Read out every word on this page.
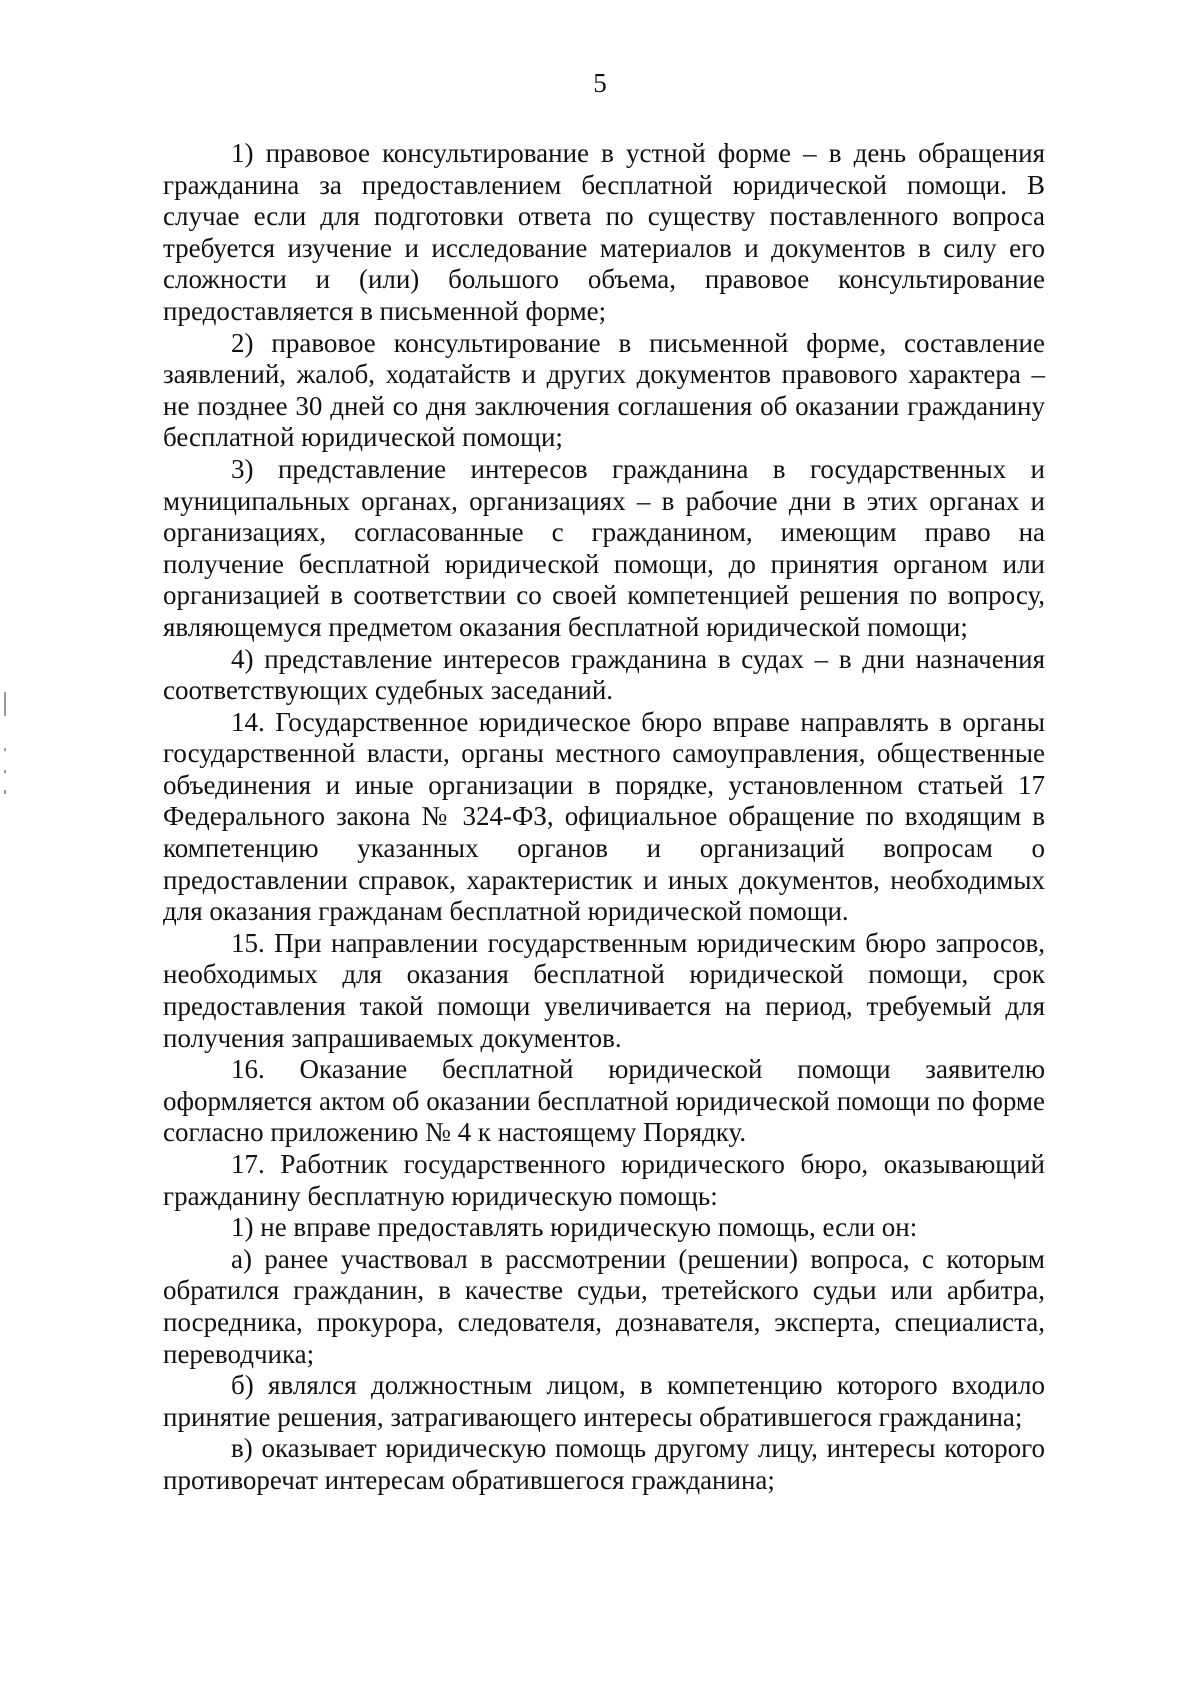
5

1) правовое консультирование в устной форме – в день обращения гражданина за предоставлением бесплатной юридической помощи. В случае если для подготовки ответа по существу поставленного вопроса требуется изучение и исследование материалов и документов в силу его сложности и (или) большого объема, правовое консультирование предоставляется в письменной форме;

2) правовое консультирование в письменной форме, составление заявлений, жалоб, ходатайств и других документов правового характера – не позднее 30 дней со дня заключения соглашения об оказании гражданину бесплатной юридической помощи;

3) представление интересов гражданина в государственных и муниципальных органах, организациях – в рабочие дни в этих органах и организациях, согласованные с гражданином, имеющим право на получение бесплатной юридической помощи, до принятия органом или организацией в соответствии со своей компетенцией решения по вопросу, являющемуся предметом оказания бесплатной юридической помощи;

4) представление интересов гражданина в судах – в дни назначения соответствующих судебных заседаний.

14. Государственное юридическое бюро вправе направлять в органы государственной власти, органы местного самоуправления, общественные объединения и иные организации в порядке, установленном статьей 17 Федерального закона № 324-ФЗ, официальное обращение по входящим в компетенцию указанных органов и организаций вопросам о предоставлении справок, характеристик и иных документов, необходимых для оказания гражданам бесплатной юридической помощи.

15. При направлении государственным юридическим бюро запросов, необходимых для оказания бесплатной юридической помощи, срок предоставления такой помощи увеличивается на период, требуемый для получения запрашиваемых документов.

16. Оказание бесплатной юридической помощи заявителю оформляется актом об оказании бесплатной юридической помощи по форме согласно приложению № 4 к настоящему Порядку.

17. Работник государственного юридического бюро, оказывающий гражданину бесплатную юридическую помощь:

1) не вправе предоставлять юридическую помощь, если он:

а) ранее участвовал в рассмотрении (решении) вопроса, с которым обратился гражданин, в качестве судьи, третейского судьи или арбитра, посредника, прокурора, следователя, дознавателя, эксперта, специалиста, переводчика;

б) являлся должностным лицом, в компетенцию которого входило принятие решения, затрагивающего интересы обратившегося гражданина;

в) оказывает юридическую помощь другому лицу, интересы которого противоречат интересам обратившегося гражданина;
